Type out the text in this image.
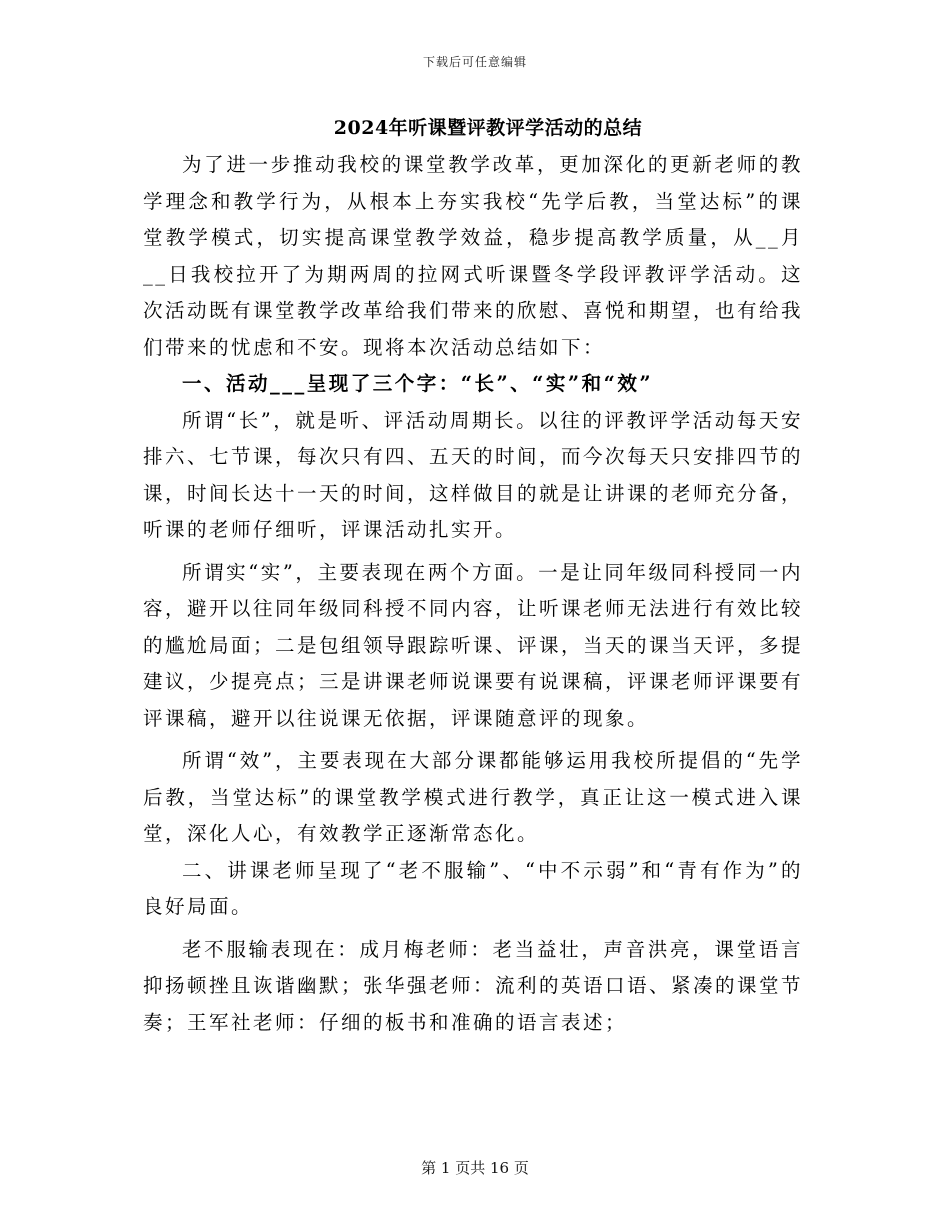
下载后可任意编辑
2024年听课暨评教评学活动的总结

为了进一步推动我校的课堂教学改革，更加深化的更新老师的教学理念和教学行为，从根本上夯实我校“先学后教，当堂达标”的课堂教学模式，切实提高课堂教学效益，稳步提高教学质量，从__月__日我校拉开了为期两周的拉网式听课暨冬学段评教评学活动。这次活动既有课堂教学改革给我们带来的欣慰、喜悦和期望，也有给我们带来的忧虑和不安。现将本次活动总结如下：

一、活动___呈现了三个字：“长”、“实”和“效”

所谓“长”，就是听、评活动周期长。以往的评教评学活动每天安排六、七节课，每次只有四、五天的时间，而今次每天只安排四节的课，时间长达十一天的时间，这样做目的就是让讲课的老师充分备，听课的老师仔细听，评课活动扎实开。

所谓实“实”，主要表现在两个方面。一是让同年级同科授同一内容，避开以往同年级同科授不同内容，让听课老师无法进行有效比较的尴尬局面；二是包组领导跟踪听课、评课，当天的课当天评，多提建议，少提亮点；三是讲课老师说课要有说课稿，评课老师评课要有评课稿，避开以往说课无依据，评课随意评的现象。

所谓“效”，主要表现在大部分课都能够运用我校所提倡的“先学后教，当堂达标”的课堂教学模式进行教学，真正让这一模式进入课堂，深化人心，有效教学正逐渐常态化。

二、讲课老师呈现了“老不服输”、“中不示弱”和“青有作为”的良好局面。

老不服输表现在：成月梅老师：老当益壮，声音洪亮，课堂语言抑扬顿挫且诙谐幽默；张华强老师：流利的英语口语、紧凑的课堂节奏；王军社老师：仔细的板书和准确的语言表述；

第 1 页共 16 页
